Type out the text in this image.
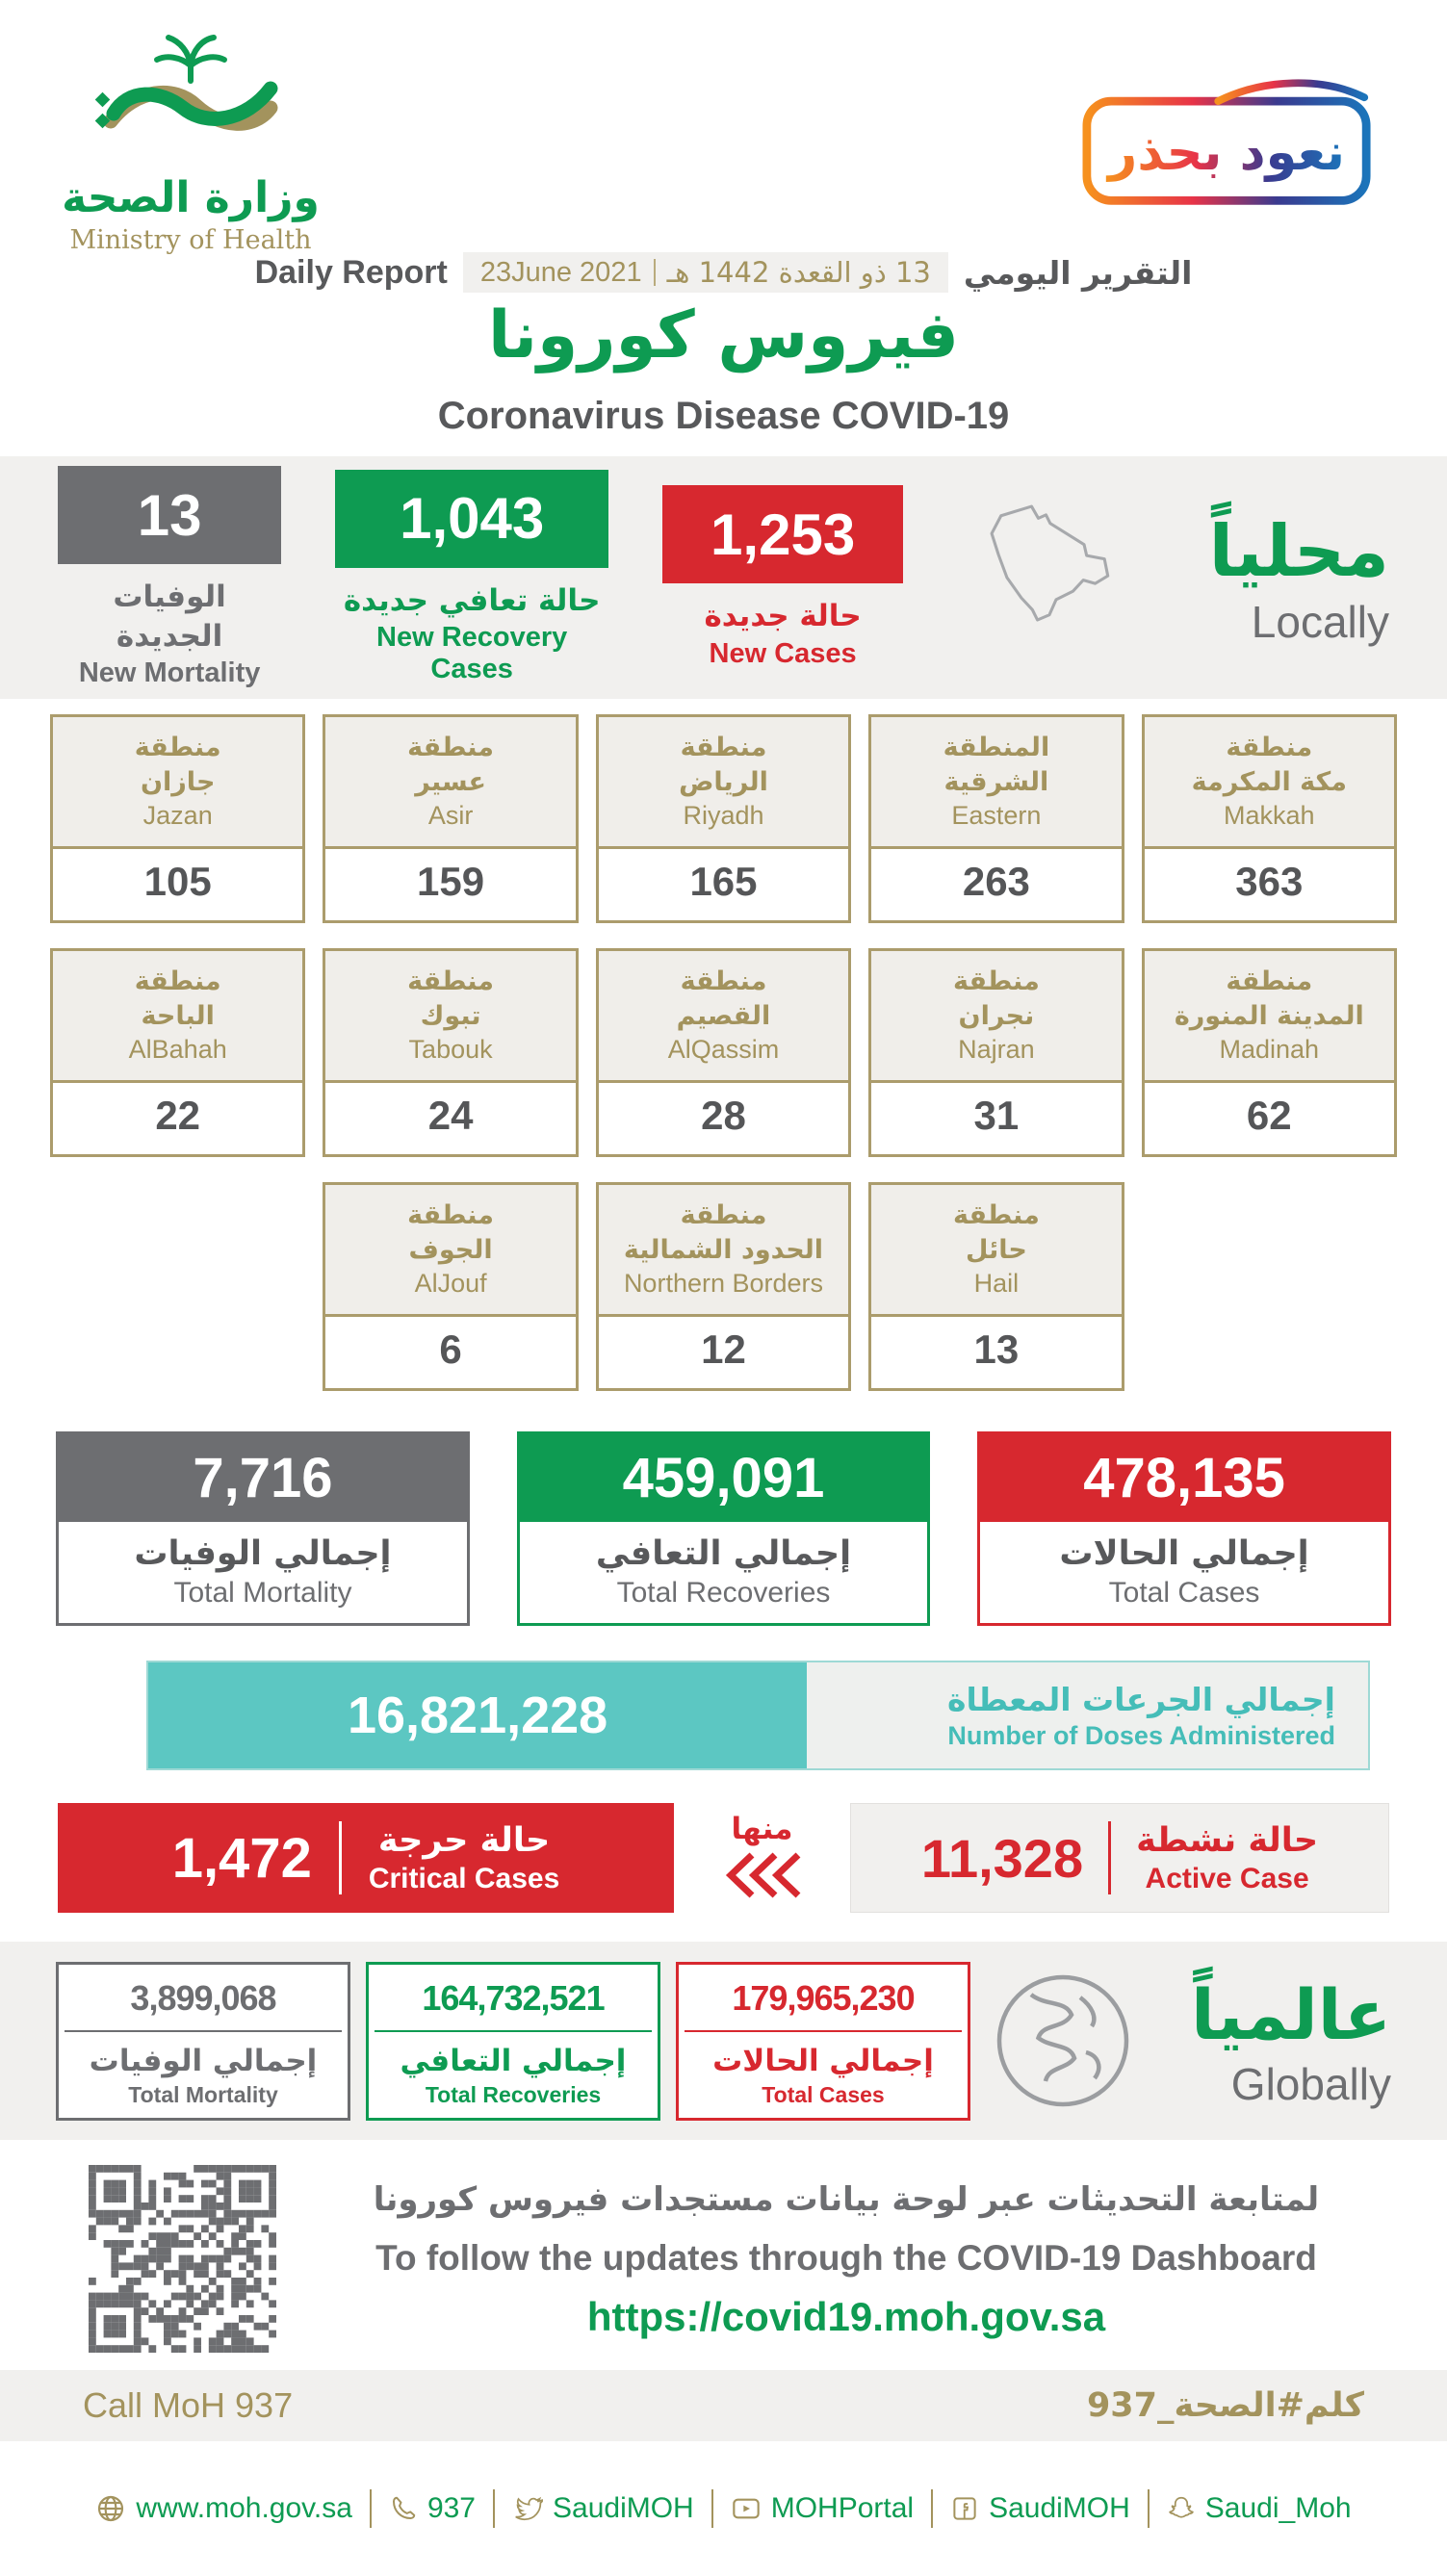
وزارة الصحة
Ministry of Health
نعود بحذر
Daily Report 23June 2021 13 ذو القعدة 1442 هـ التقرير اليومي
فيروس كورونا
Coronavirus Disease COVID-19
13
الوفيات الجديدة
New Mortality
1,043
حالة تعافي جديدة
New Recovery Cases
1,253
حالة جديدة
New Cases
محلياً
Locally
منطقة
جازان
Jazan
105
منطقة
عسير
Asir
159
منطقة
الرياض
Riyadh
165
المنطقة
الشرقية
Eastern
263
منطقة
مكة المكرمة
Makkah
363
منطقة
الباحة
AlBahah
22
منطقة
تبوك
Tabouk
24
منطقة
القصيم
AlQassim
28
منطقة
نجران
Najran
31
منطقة
المدينة المنورة
Madinah
62
منطقة
الجوف
AlJouf
6
منطقة
الحدود الشمالية
Northern Borders
12
منطقة
حائل
Hail
13
7,716
إجمالي الوفيات
Total Mortality
459,091
إجمالي التعافي
Total Recoveries
478,135
إجمالي الحالات
Total Cases
16,821,228	إجمالي الجرعات المعطاة
Number of Doses Administered
1,472 حالة حرجة
Critical Cases
منها 11,328 حالة نشطة
Active Case
3,899,068
إجمالي الوفيات
Total Mortality
164,732,521
إجمالي التعافي
Total Recoveries
179,965,230
إجمالي الحالات
Total Cases
عالمياً
Globally
لمتابعة التحديثات عبر لوحة بيانات مستجدات فيروس كورونا
To follow the updates through the COVID-19 Dashboard
https://covid19.moh.gov.sa
Call MoH 937	كلم#الصحة_937
www.moh.gov.sa	937	SaudiMOH	MOHPortal	SaudiMOH	Saudi_Moh
